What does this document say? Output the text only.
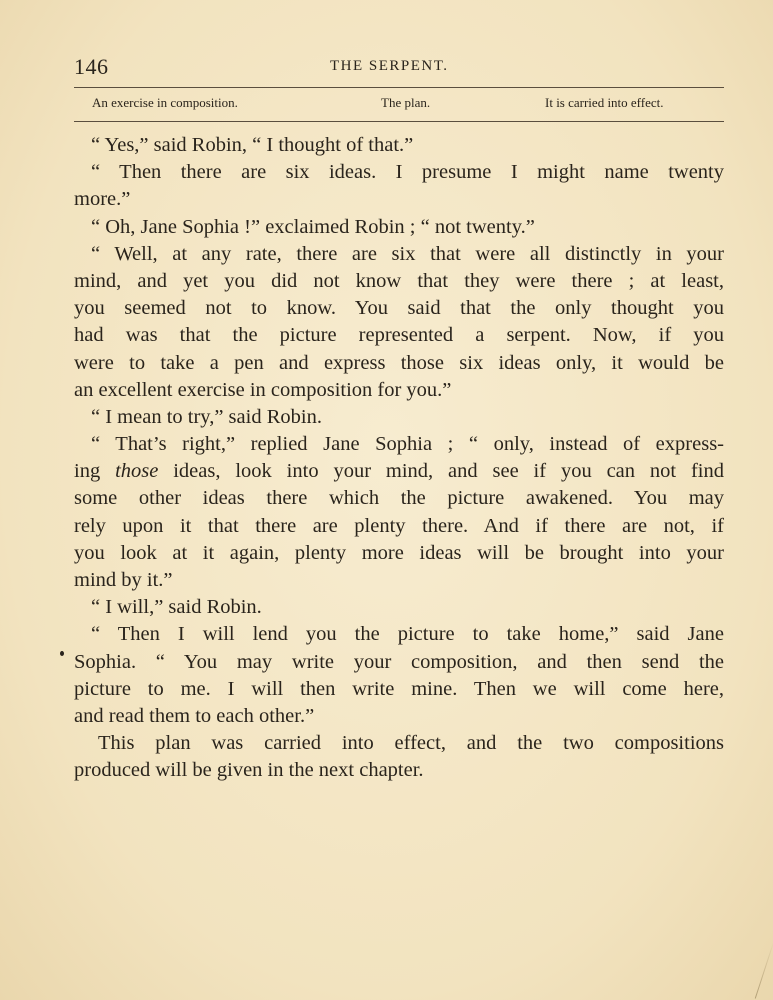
146	THE SERPENT.
An exercise in composition.	The plan.	It is carried into effect.
“ Yes,” said Robin, “ I thought of that.”
“ Then there are six ideas. I presume I might name twenty
more.”
“ Oh, Jane Sophia !” exclaimed Robin ; “ not twenty.”
“ Well, at any rate, there are six that were all distinctly in your
mind, and yet you did not know that they were there ; at least,
you seemed not to know. You said that the only thought you
had was that the picture represented a serpent. Now, if you
were to take a pen and express those six ideas only, it would be
an excellent exercise in composition for you.”
“ I mean to try,” said Robin.
“ That’s right,” replied Jane Sophia ; “ only, instead of express-
ing those ideas, look into your mind, and see if you can not find
some other ideas there which the picture awakened. You may
rely upon it that there are plenty there. And if there are not, if
you look at it again, plenty more ideas will be brought into your
mind by it.”
“ I will,” said Robin.
“ Then I will lend you the picture to take home,” said Jane
Sophia. “ You may write your composition, and then send the
picture to me. I will then write mine. Then we will come here,
and read them to each other.”
This plan was carried into effect, and the two compositions
produced will be given in the next chapter.
